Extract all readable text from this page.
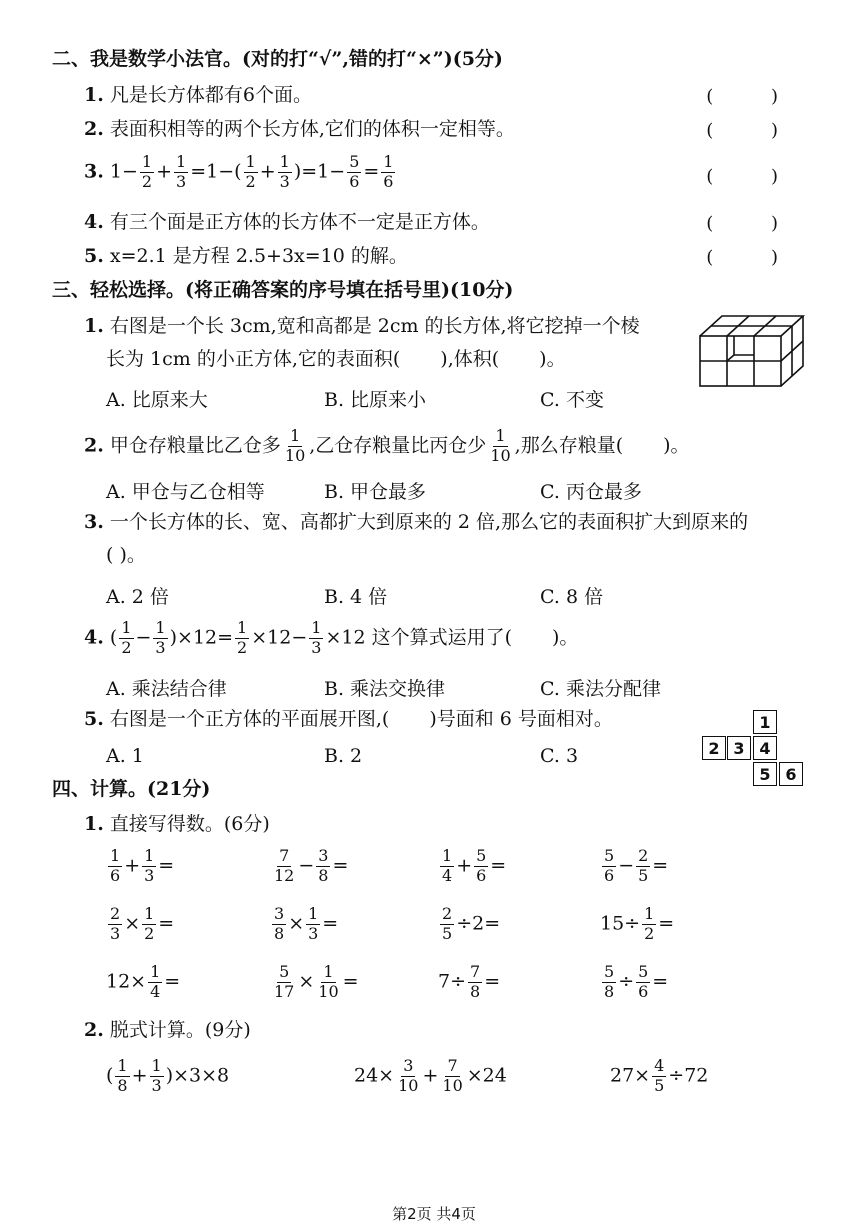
二、我是数学小法官。(对的打“√”,错的打“×”)(5分)
1. 凡是长方体都有6个面。	( )
2. 表面积相等的两个长方体,它们的体积一定相等。	( )
3. $1- \frac{1}{2} + \frac{1}{3} =1-( \frac{1}{2} + \frac{1}{3} )=1- \frac{5}{6} = \frac{1}{6}$	( )
4. 有三个面是正方体的长方体不一定是正方体。	( )
5. x=2.1 是方程 2.5+3x=10 的解。	( )
三、轻松选择。(将正确答案的序号填在括号里)(10分)
1. 右图是一个长 3cm,宽和高都是 2cm 的长方体,将它挖掉一个棱
长为 1cm 的小正方体,它的表面积( ),体积( )。
A. 比原来大	B. 比原来小	C. 不变
2. 甲仓存粮量比乙仓多 $\frac{1}{10}$ ,乙仓存粮量比丙仓少 $\frac{1}{10}$ ,那么存粮量( )。
A. 甲仓与乙仓相等	B. 甲仓最多	C. 丙仓最多
3. 一个长方体的长、宽、高都扩大到原来的 2 倍,那么它的表面积扩大到原来的
( )。
A. 2 倍	B. 4 倍	C. 8 倍
4. ( $\frac{1}{2} - \frac{1}{3} )\times 12= \frac{1}{2} \times 12- \frac{1}{3} \times 12$ 这个算式运用了( )。
A. 乘法结合律	B. 乘法交换律	C. 乘法分配律
5. 右图是一个正方体的平面展开图,( )号面和 6 号面相对。
A. 1	B. 2	C. 3
1
2 3 4
5 6
四、计算。(21分)
1. 直接写得数。(6分)
$\frac{1}{6} + \frac{1}{3}$ =	$\frac{7}{12} - \frac{3}{8}$ =	$\frac{1}{4} + \frac{5}{6}$ =	$\frac{5}{6} - \frac{2}{5}$ =
$\frac{2}{3} \times \frac{1}{2}$ =	$\frac{3}{8} \times \frac{1}{3}$ =	$\frac{2}{5} \div 2=$	$15\div \frac{1}{2}$ =
$12\times \frac{1}{4}$ =	$\frac{5}{17} \times \frac{1}{10}$ =	$7\div \frac{7}{8}$ =	$\frac{5}{8} \div \frac{5}{6}$ =
2. 脱式计算。(9分)
( $\frac{1}{8} + \frac{1}{3} )\times 3\times 8$	$24\times \frac{3}{10} + \frac{7}{10} \times 24$	$27\times \frac{4}{5} \div 72$
第2页 共4页
